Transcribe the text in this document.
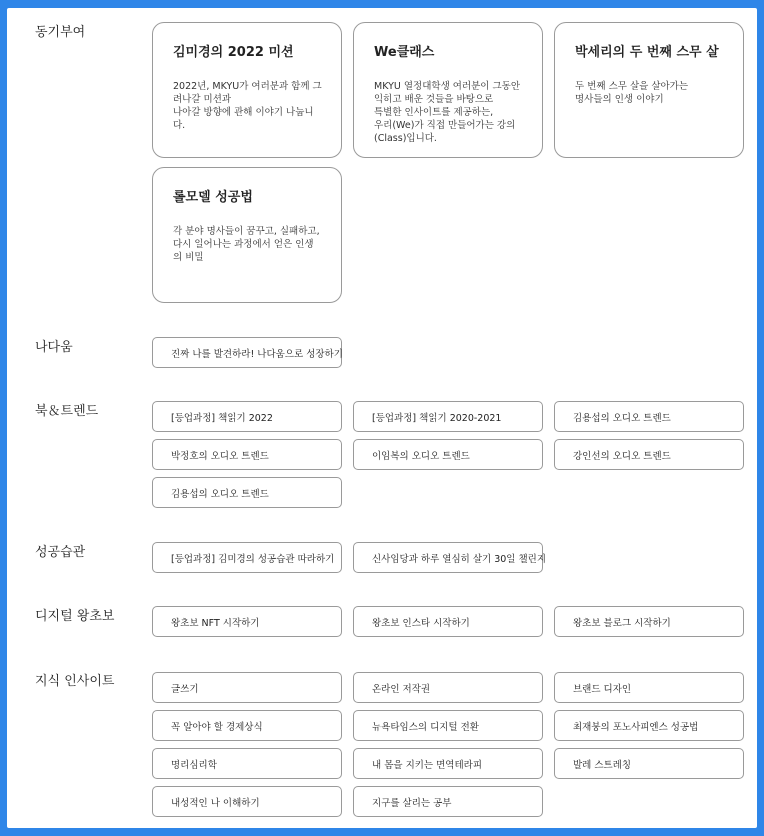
동기부여
김미경의 2022 미션
2022년, MKYU가 여러분과 함께 그
려나갈 미션과
나아갈 방향에 관해 이야기 나눕니
다.
We클래스
MKYU 열정대학생 여러분이 그동안
익히고 배운 것들을 바탕으로
특별한 인사이트를 제공하는,
우리(We)가 직접 만들어가는 강의
(Class)입니다.
박세리의 두 번째 스무 살
두 번째 스무 살을 살아가는
명사들의 인생 이야기
롤모델 성공법
각 분야 명사들이 꿈꾸고, 실패하고,
다시 일어나는 과정에서 얻은 인생
의 비밀
나다움	진짜 나를 발견하라! 나다움으로 성장하기
북＆트렌드	[등업과정] 책읽기 2022	[등업과정] 책읽기 2020-2021	김용섭의 오디오 트렌드
박정호의 오디오 트렌드	이임복의 오디오 트렌드	강인선의 오디오 트렌드
김용섭의 오디오 트렌드
성공습관	[등업과정] 김미경의 성공습관 따라하기	신사임당과 하루 열심히 살기 30일 챌린지
디지털 왕초보	왕초보 NFT 시작하기	왕초보 인스타 시작하기	왕초보 블로그 시작하기
지식 인사이트	글쓰기	온라인 저작권	브랜드 디자인
꼭 알아야 할 경제상식	뉴욕타임스의 디지털 전환	최재붕의 포노사피엔스 성공법
명리심리학	내 몸을 지키는 면역테라피	발레 스트레칭
내성적인 나 이해하기	지구를 살리는 공부
